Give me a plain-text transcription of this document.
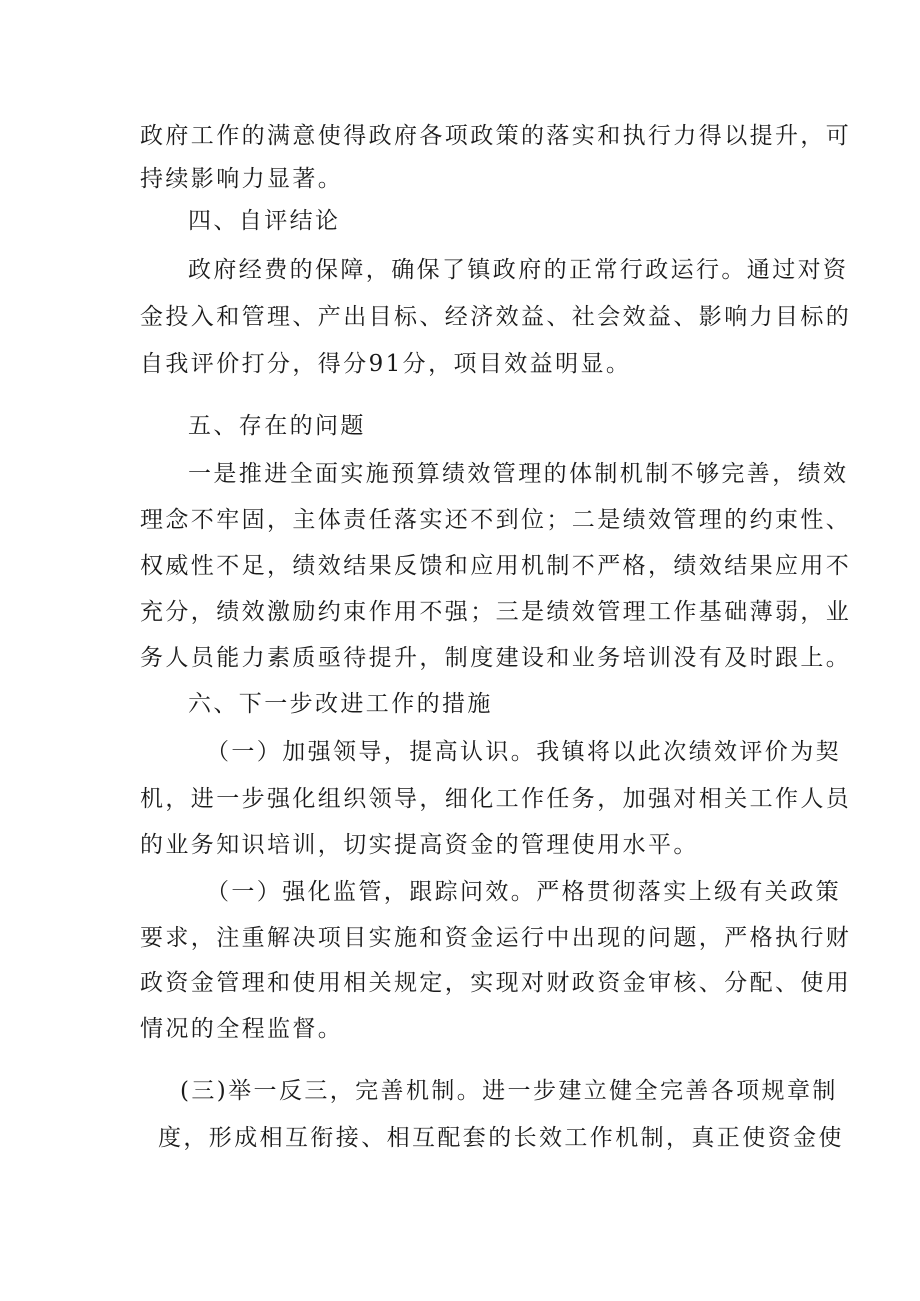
政府工作的满意使得政府各项政策的落实和执行力得以提升，可
持续影响力显著。
四、自评结论
政府经费的保障，确保了镇政府的正常行政运行。通过对资
金投入和管理、产出目标、经济效益、社会效益、影响力目标的
自我评价打分，得分91分，项目效益明显。
五、存在的问题
一是推进全面实施预算绩效管理的体制机制不够完善，绩效
理念不牢固，主体责任落实还不到位；二是绩效管理的约束性、
权威性不足，绩效结果反馈和应用机制不严格，绩效结果应用不
充分，绩效激励约束作用不强；三是绩效管理工作基础薄弱，业
务人员能力素质亟待提升，制度建设和业务培训没有及时跟上。
六、下一步改进工作的措施
（一）加强领导，提高认识。我镇将以此次绩效评价为契
机，进一步强化组织领导，细化工作任务，加强对相关工作人员
的业务知识培训，切实提高资金的管理使用水平。
（一）强化监管，跟踪问效。严格贯彻落实上级有关政策
要求，注重解决项目实施和资金运行中出现的问题，严格执行财
政资金管理和使用相关规定，实现对财政资金审核、分配、使用
情况的全程监督。
(三)举一反三，完善机制。进一步建立健全完善各项规章制
度，形成相互衔接、相互配套的长效工作机制，真正使资金使
